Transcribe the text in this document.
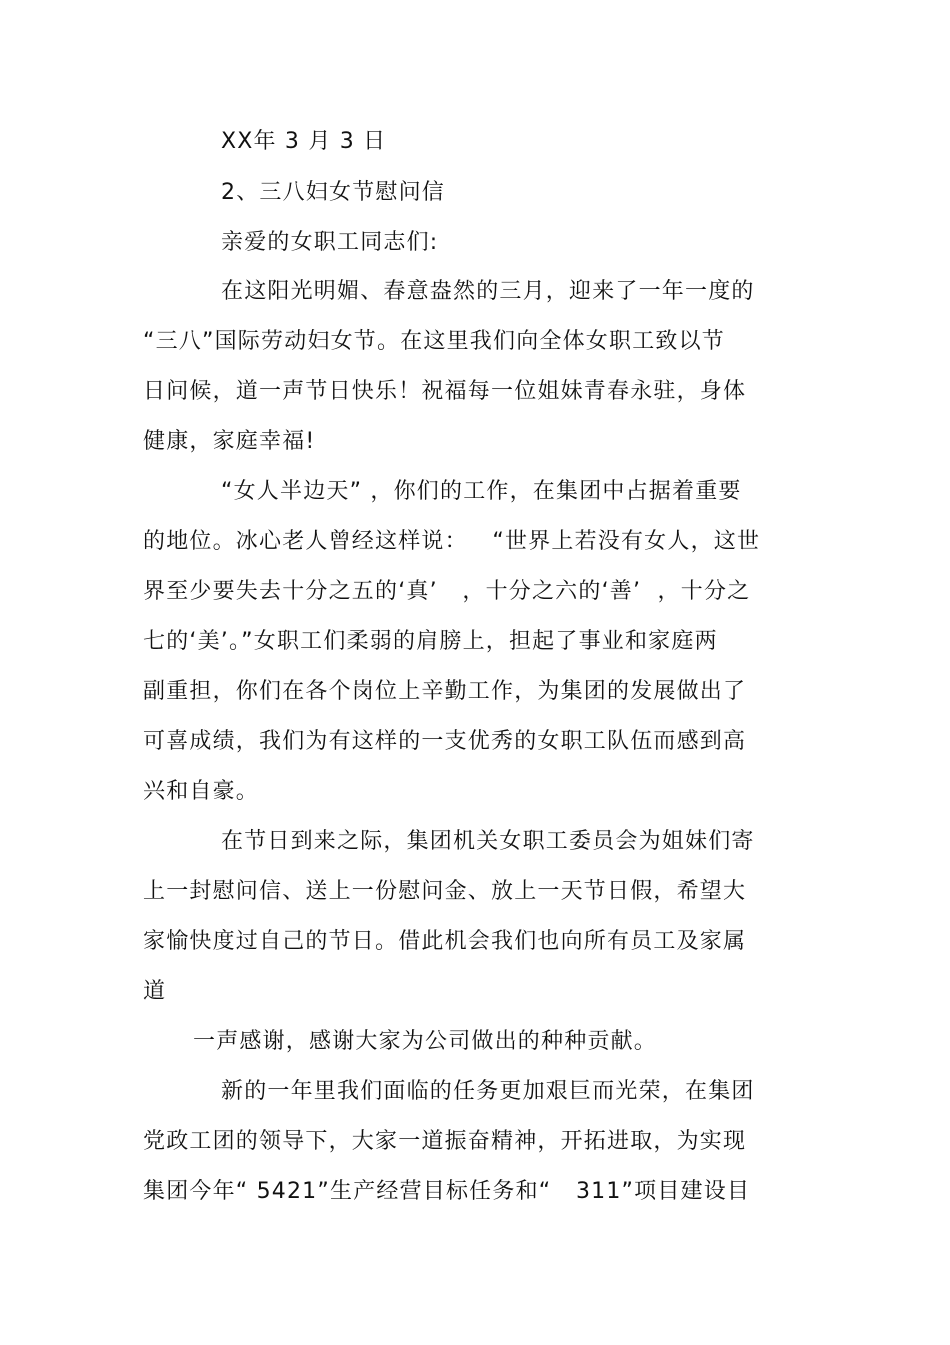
XX年 3 月 3 日
2、三八妇女节慰问信
亲爱的女职工同志们:
在这阳光明媚、春意盎然的三月，迎来了一年一度的
“三八”国际劳动妇女节。在这里我们向全体女职工致以节
日问候，道一声节日快乐！祝福每一位姐妹青春永驻，身体
健康，家庭幸福!
“女人半边天” ，你们的工作，在集团中占据着重要
的地位。冰心老人曾经这样说：   “世界上若没有女人，这世
界至少要失去十分之五的‘真’   ，十分之六的‘善’  ，十分之
七的‘美’。”女职工们柔弱的肩膀上，担起了事业和家庭两
副重担，你们在各个岗位上辛勤工作，为集团的发展做出了
可喜成绩，我们为有这样的一支优秀的女职工队伍而感到高
兴和自豪。
在节日到来之际，集团机关女职工委员会为姐妹们寄
上一封慰问信、送上一份慰问金、放上一天节日假，希望大
家愉快度过自己的节日。借此机会我们也向所有员工及家属
道
一声感谢，感谢大家为公司做出的种种贡献。
新的一年里我们面临的任务更加艰巨而光荣，在集团
党政工团的领导下，大家一道振奋精神，开拓进取，为实现
集团今年“ 5421”生产经营目标任务和“   311”项目建设目
